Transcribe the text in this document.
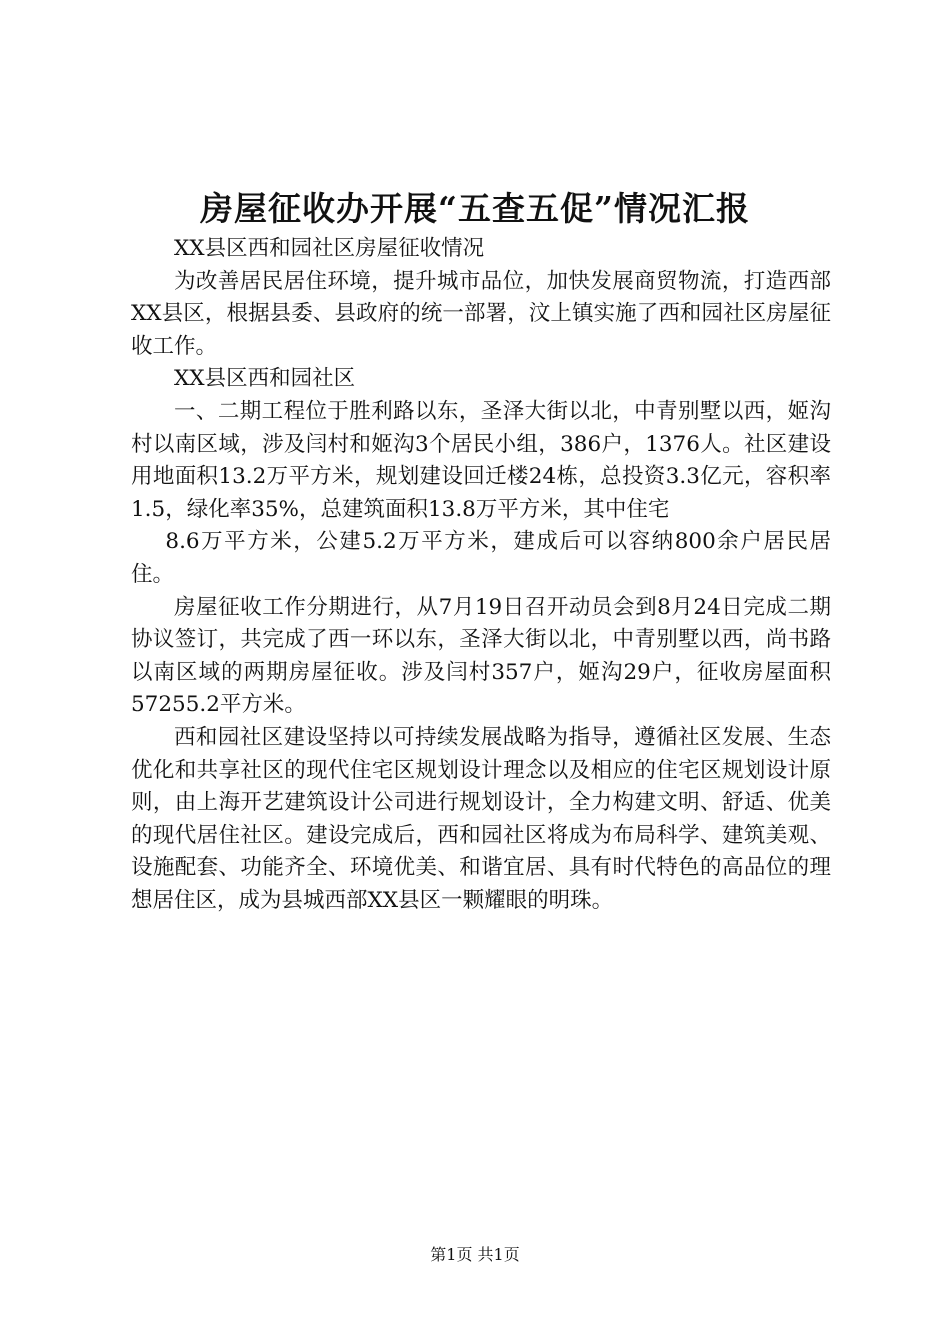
房屋征收办开展“五查五促”情况汇报

XX县区西和园社区房屋征收情况

为改善居民居住环境，提升城市品位，加快发展商贸物流，打造西部XX县区，根据县委、县政府的统一部署，汶上镇实施了西和园社区房屋征收工作。

XX县区西和园社区

一、二期工程位于胜利路以东，圣泽大街以北，中青别墅以西，姬沟村以南区域，涉及闫村和姬沟3个居民小组，386户，1376人。社区建设用地面积13.2万平方米，规划建设回迁楼24栋，总投资3.3亿元，容积率1.5，绿化率35%，总建筑面积13.8万平方米，其中住宅

8.6万平方米，公建5.2万平方米，建成后可以容纳800余户居民居住。

房屋征收工作分期进行，从7月19日召开动员会到8月24日完成二期协议签订，共完成了西一环以东，圣泽大街以北，中青别墅以西，尚书路以南区域的两期房屋征收。涉及闫村357户，姬沟29户，征收房屋面积57255.2平方米。

西和园社区建设坚持以可持续发展战略为指导，遵循社区发展、生态优化和共享社区的现代住宅区规划设计理念以及相应的住宅区规划设计原则，由上海开艺建筑设计公司进行规划设计，全力构建文明、舒适、优美的现代居住社区。建设完成后，西和园社区将成为布局科学、建筑美观、设施配套、功能齐全、环境优美、和谐宜居、具有时代特色的高品位的理想居住区，成为县城西部XX县区一颗耀眼的明珠。

第1页 共1页
